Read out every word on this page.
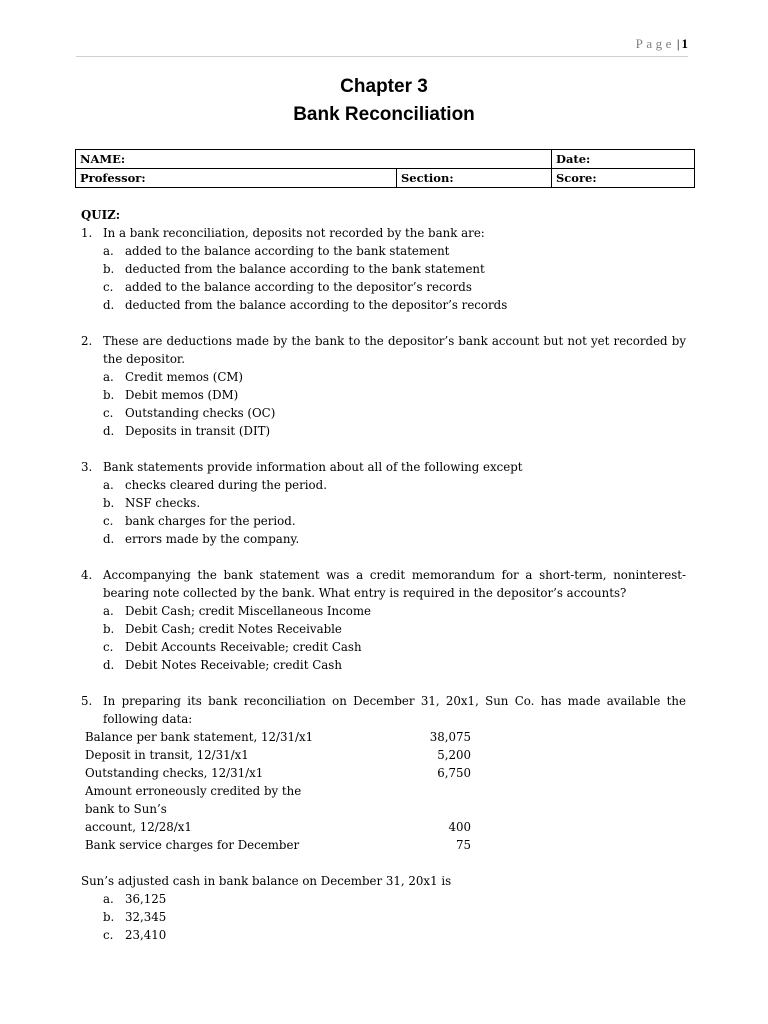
Page | 1
Chapter 3
Bank Reconciliation
NAME:		Date:
Professor:	Section:	Score:
QUIZ:
1. In a bank reconciliation, deposits not recorded by the bank are:
a. added to the balance according to the bank statement
b. deducted from the balance according to the bank statement
c. added to the balance according to the depositor’s records
d. deducted from the balance according to the depositor’s records
2. These are deductions made by the bank to the depositor’s bank account but not yet recorded by the depositor.
a. Credit memos (CM)
b. Debit memos (DM)
c. Outstanding checks (OC)
d. Deposits in transit (DIT)
3. Bank statements provide information about all of the following except
a. checks cleared during the period.
b. NSF checks.
c. bank charges for the period.
d. errors made by the company.
4. Accompanying the bank statement was a credit memorandum for a short-term, noninterest-bearing note collected by the bank. What entry is required in the depositor’s accounts?
a. Debit Cash; credit Miscellaneous Income
b. Debit Cash; credit Notes Receivable
c. Debit Accounts Receivable; credit Cash
d. Debit Notes Receivable; credit Cash
5. In preparing its bank reconciliation on December 31, 20x1, Sun Co. has made available the following data:
Balance per bank statement, 12/31/x1	38,075
Deposit in transit, 12/31/x1	5,200
Outstanding checks, 12/31/x1	6,750
Amount erroneously credited by the bank to Sun’s	
account, 12/28/x1	400
Bank service charges for December	75
Sun’s adjusted cash in bank balance on December 31, 20x1 is
a. 36,125
b. 32,345
c. 23,410
